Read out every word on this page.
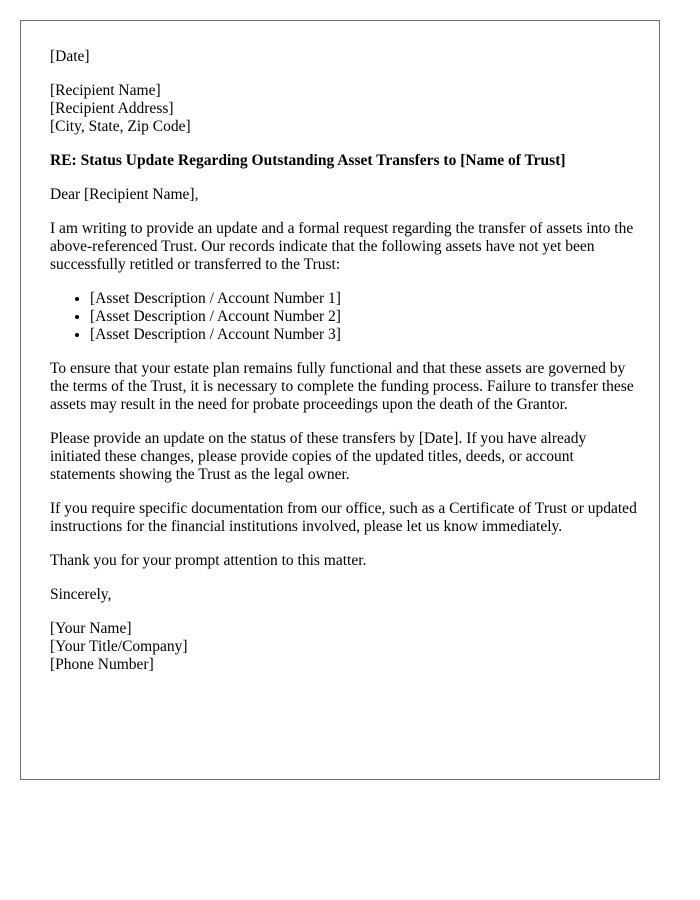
[Date]

[Recipient Name]
[Recipient Address]
[City, State, Zip Code]

RE: Status Update Regarding Outstanding Asset Transfers to [Name of Trust]

Dear [Recipient Name],

I am writing to provide an update and a formal request regarding the transfer of assets into the above-referenced Trust. Our records indicate that the following assets have not yet been successfully retitled or transferred to the Trust:

• [Asset Description / Account Number 1]
• [Asset Description / Account Number 2]
• [Asset Description / Account Number 3]

To ensure that your estate plan remains fully functional and that these assets are governed by the terms of the Trust, it is necessary to complete the funding process. Failure to transfer these assets may result in the need for probate proceedings upon the death of the Grantor.

Please provide an update on the status of these transfers by [Date]. If you have already initiated these changes, please provide copies of the updated titles, deeds, or account statements showing the Trust as the legal owner.

If you require specific documentation from our office, such as a Certificate of Trust or updated instructions for the financial institutions involved, please let us know immediately.

Thank you for your prompt attention to this matter.

Sincerely,

[Your Name]
[Your Title/Company]
[Phone Number]
